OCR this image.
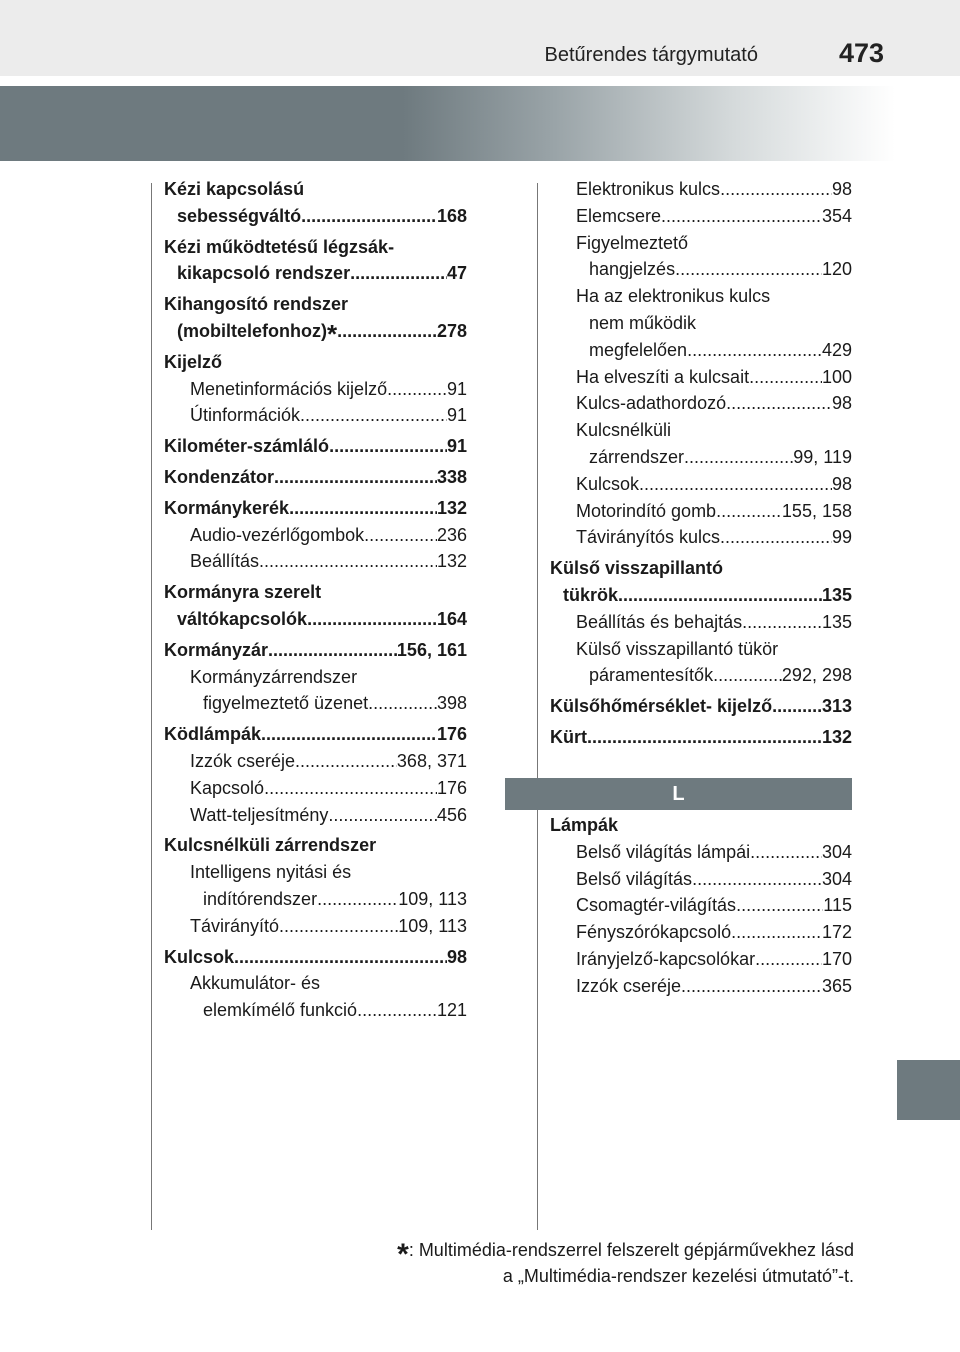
Betűrendes tárgymutató	473
Kézi kapcsolású
sebességváltó .....	168
Kézi működtetésű légzsák-
kikapcsoló rendszer .....	47
Kihangosító rendszer
(mobiltelefonhoz)* .....	278
Kijelző
Menetinformációs kijelző .....	91
Útinformációk .....	91
Kilométer-számláló .....	91
Kondenzátor .....	338
Kormánykerék .....	132
Audio-vezérlőgombok .....	236
Beállítás .....	132
Kormányra szerelt
váltókapcsolók .....	164
Kormányzár .....	156, 161
Kormányzárrendszer
figyelmeztető üzenet .....	398
Ködlámpák .....	176
Izzók cseréje .....	368, 371
Kapcsoló .....	176
Watt-teljesítmény .....	456
Kulcsnélküli zárrendszer
Intelligens nyitási és
indítórendszer .....	109, 113
Távirányító .....	109, 113
Kulcsok .....	98
Akkumulátor- és
elemkímélő funkció .....	121
Elektronikus kulcs .....	98
Elemcsere .....	354
Figyelmeztető
hangjelzés .....	120
Ha az elektronikus kulcs
nem működik
megfelelően .....	429
Ha elveszíti a kulcsait .....	100
Kulcs-adathordozó .....	98
Kulcsnélküli
zárrendszer .....	99, 119
Kulcsok .....	98
Motorindító gomb .....	155, 158
Távirányítós kulcs .....	99
Külső visszapillantó
tükrök .....	135
Beállítás és behajtás .....	135
Külső visszapillantó tükör
páramentesítők .....	292, 298
Külsőhőmérséklet- kijelző .....	313
Kürt .....	132
L
Lámpák
Belső világítás lámpái .....	304
Belső világítás .....	304
Csomagtér-világítás .....	115
Fényszórókapcsoló .....	172
Irányjelző-kapcsolókar .....	170
Izzók cseréje .....	365
*: Multimédia-rendszerrel felszerelt gépjárművekhez lásd
a „Multimédia-rendszer kezelési útmutató”-t.
